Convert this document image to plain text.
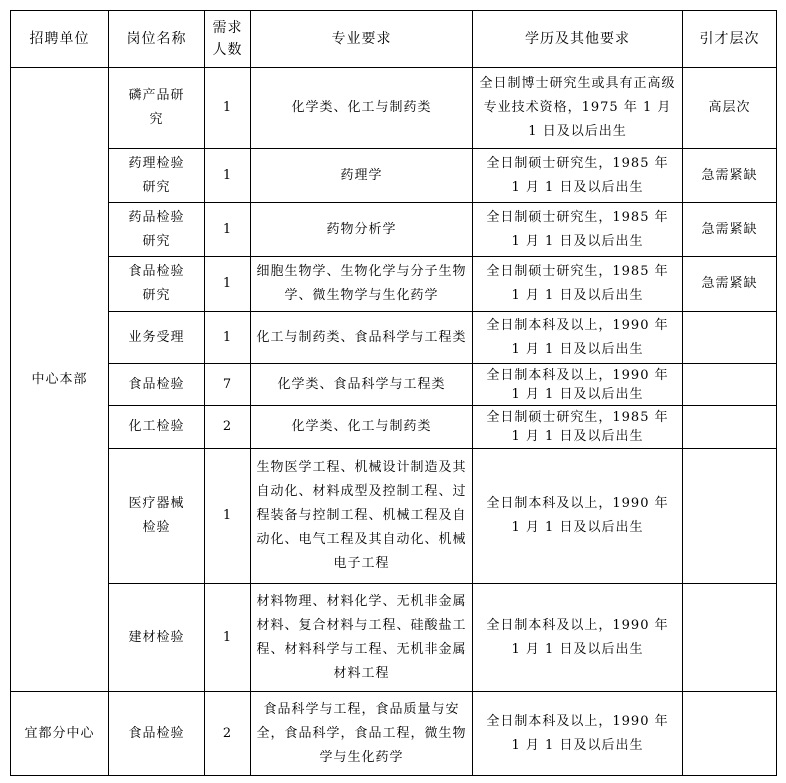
招聘单位	岗位名称	需求人数	专业要求	学历及其他要求	引才层次
中心本部	磷产品研究	1	化学类、化工与制药类	全日制博士研究生或具有正高级专业技术资格，1975 年 1 月 1 日及以后出生	高层次
	药理检验研究	1	药理学	全日制硕士研究生，1985 年 1 月 1 日及以后出生	急需紧缺
	药品检验研究	1	药物分析学	全日制硕士研究生，1985 年 1 月 1 日及以后出生	急需紧缺
	食品检验研究	1	细胞生物学、生物化学与分子生物学、微生物学与生化药学	全日制硕士研究生，1985 年 1 月 1 日及以后出生	急需紧缺
	业务受理	1	化工与制药类、食品科学与工程类	全日制本科及以上，1990 年 1 月 1 日及以后出生	
	食品检验	7	化学类、食品科学与工程类	全日制本科及以上，1990 年 1 月 1 日及以后出生	
	化工检验	2	化学类、化工与制药类	全日制硕士研究生，1985 年 1 月 1 日及以后出生	
	医疗器械检验	1	生物医学工程、机械设计制造及其自动化、材料成型及控制工程、过程装备与控制工程、机械工程及自动化、电气工程及其自动化、机械电子工程	全日制本科及以上，1990 年 1 月 1 日及以后出生	
	建材检验	1	材料物理、材料化学、无机非金属材料、复合材料与工程、硅酸盐工程、材料科学与工程、无机非金属材料工程	全日制本科及以上，1990 年 1 月 1 日及以后出生	
宜都分中心	食品检验	2	食品科学与工程，食品质量与安全，食品科学，食品工程，微生物学与生化药学	全日制本科及以上，1990 年 1 月 1 日及以后出生	
